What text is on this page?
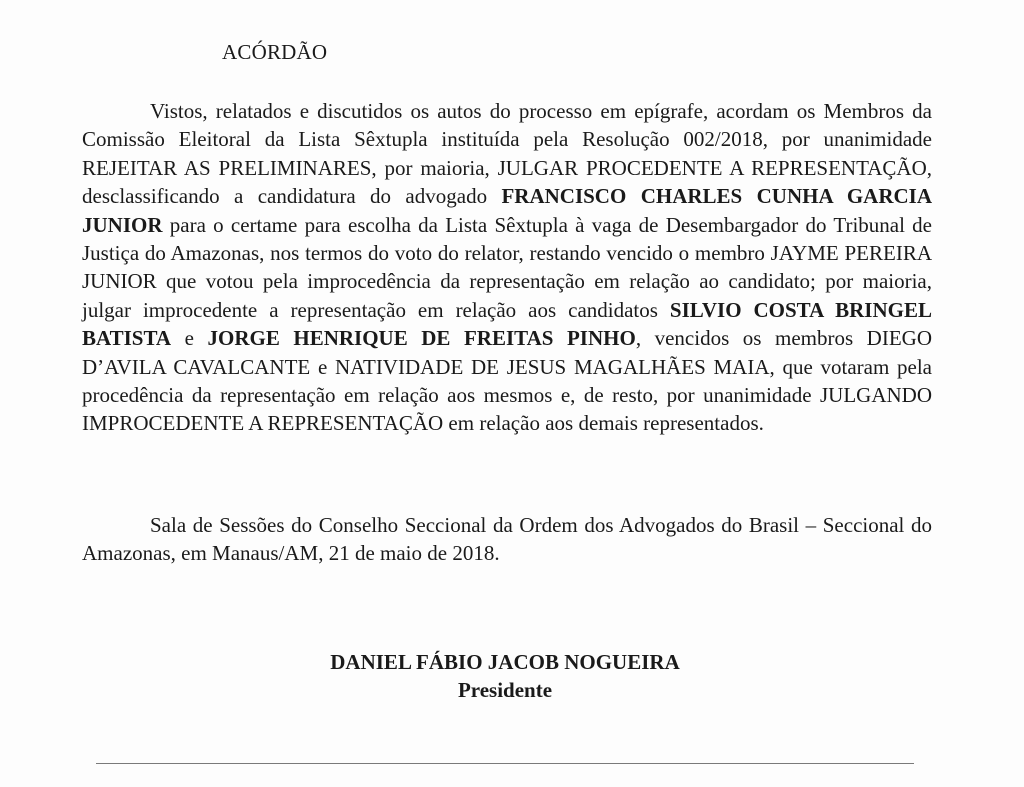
ACÓRDÃO

Vistos, relatados e discutidos os autos do processo em epígrafe, acordam os Membros da Comissão Eleitoral da Lista Sêxtupla instituída pela Resolução 002/2018, por unanimidade REJEITAR AS PRELIMINARES, por maioria, JULGAR PROCEDENTE A REPRESENTAÇÃO, desclassificando a candidatura do advogado FRANCISCO CHARLES CUNHA GARCIA JUNIOR para o certame para escolha da Lista Sêxtupla à vaga de Desembargador do Tribunal de Justiça do Amazonas, nos termos do voto do relator, restando vencido o membro JAYME PEREIRA JUNIOR que votou pela improcedência da representação em relação ao candidato; por maioria, julgar improcedente a representação em relação aos candidatos SILVIO COSTA BRINGEL BATISTA e JORGE HENRIQUE DE FREITAS PINHO, vencidos os membros DIEGO D’AVILA CAVALCANTE e NATIVIDADE DE JESUS MAGALHÃES MAIA, que votaram pela procedência da representação em relação aos mesmos e, de resto, por unanimidade JULGANDO IMPROCEDENTE A REPRESENTAÇÃO em relação aos demais representados.

Sala de Sessões do Conselho Seccional da Ordem dos Advogados do Brasil – Seccional do Amazonas, em Manaus/AM, 21 de maio de 2018.

DANIEL FÁBIO JACOB NOGUEIRA
Presidente
